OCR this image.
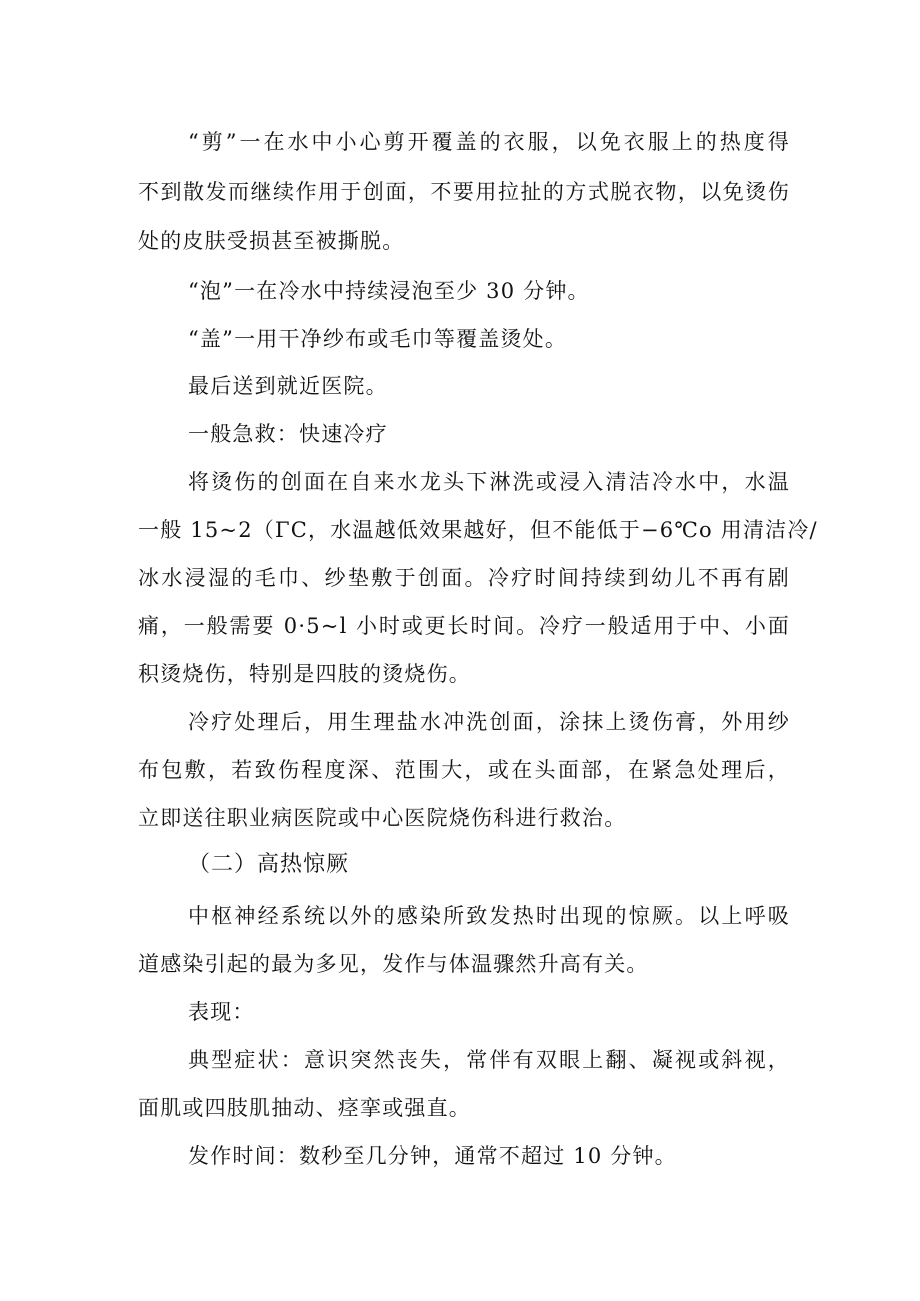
“剪”一在水中小心剪开覆盖的衣服，以免衣服上的热度得
不到散发而继续作用于创面，不要用拉扯的方式脱衣物，以免烫伤
处的皮肤受损甚至被撕脱。
“泡”一在冷水中持续浸泡至少 30 分钟。
“盖”一用干净纱布或毛巾等覆盖烫处。
最后送到就近医院。
一般急救：快速冷疗
将烫伤的创面在自来水龙头下淋洗或浸入清洁冷水中，水温
一般 15~2（ΓC，水温越低效果越好，但不能低于−6℃o 用清洁冷/
冰水浸湿的毛巾、纱垫敷于创面。冷疗时间持续到幼儿不再有剧
痛，一般需要 0·5~l 小时或更长时间。冷疗一般适用于中、小面
积烫烧伤，特别是四肢的烫烧伤。
冷疗处理后，用生理盐水冲洗创面，涂抹上烫伤膏，外用纱
布包敷，若致伤程度深、范围大，或在头面部，在紧急处理后，
立即送往职业病医院或中心医院烧伤科进行救治。
（二）高热惊厥
中枢神经系统以外的感染所致发热时出现的惊厥。以上呼吸
道感染引起的最为多见，发作与体温骤然升高有关。
表现：
典型症状：意识突然丧失，常伴有双眼上翻、凝视或斜视，
面肌或四肢肌抽动、痉挛或强直。
发作时间：数秒至几分钟，通常不超过 10 分钟。
